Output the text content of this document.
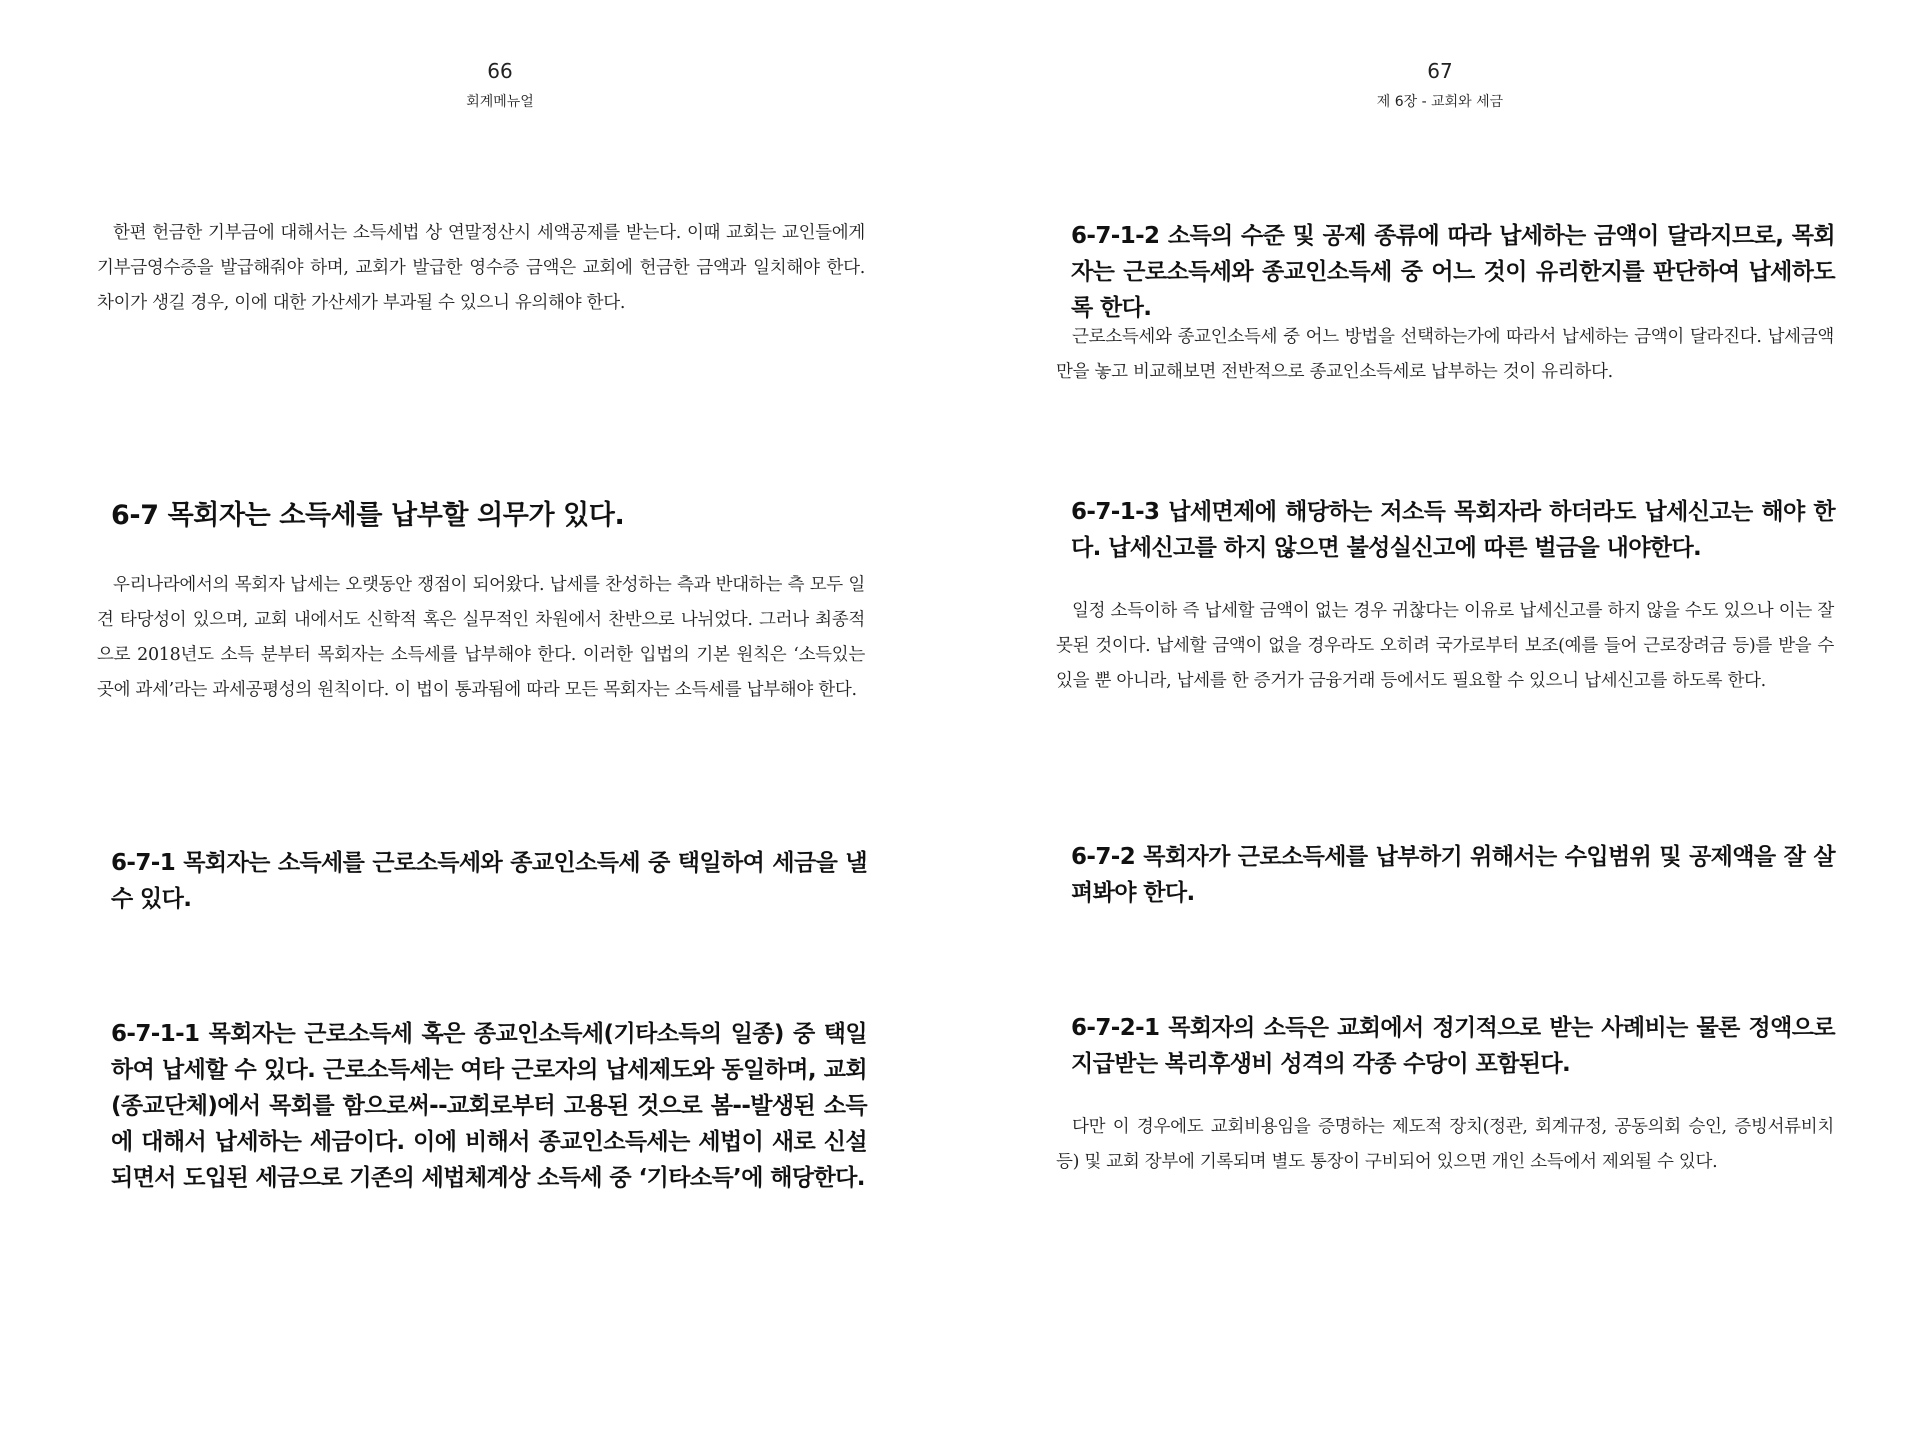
66
회계메뉴얼

한편 헌금한 기부금에 대해서는 소득세법 상 연말정산시 세액공제를 받는다. 이때 교회는 교인들에게 기부금영수증을 발급해줘야 하며, 교회가 발급한 영수증 금액은 교회에 헌금한 금액과 일치해야 한다. 차이가 생길 경우, 이에 대한 가산세가 부과될 수 있으니 유의해야 한다.

6-7 목회자는 소득세를 납부할 의무가 있다.

우리나라에서의 목회자 납세는 오랫동안 쟁점이 되어왔다. 납세를 찬성하는 측과 반대하는 측 모두 일견 타당성이 있으며, 교회 내에서도 신학적 혹은 실무적인 차원에서 찬반으로 나뉘었다. 그러나 최종적으로 2018년도 소득 분부터 목회자는 소득세를 납부해야 한다. 이러한 입법의 기본 원칙은 ‘소득있는 곳에 과세’라는 과세공평성의 원칙이다. 이 법이 통과됨에 따라 모든 목회자는 소득세를 납부해야 한다.

6-7-1 목회자는 소득세를 근로소득세와 종교인소득세 중 택일하여 세금을 낼 수 있다.
6-7-1-1 목회자는 근로소득세 혹은 종교인소득세(기타소득의 일종) 중 택일하여 납세할 수 있다. 근로소득세는 여타 근로자의 납세제도와 동일하며, 교회(종교단체)에서 목회를 함으로써--교회로부터 고용된 것으로 봄--발생된 소득에 대해서 납세하는 세금이다. 이에 비해서 종교인소득세는 세법이 새로 신설되면서 도입된 세금으로 기존의 세법체계상 소득세 중 ‘기타소득’에 해당한다.
67
제 6장 - 교회와 세금
6-7-1-2 소득의 수준 및 공제 종류에 따라 납세하는 금액이 달라지므로, 목회자는 근로소득세와 종교인소득세 중 어느 것이 유리한지를 판단하여 납세하도록 한다.

근로소득세와 종교인소득세 중 어느 방법을 선택하는가에 따라서 납세하는 금액이 달라진다. 납세금액만을 놓고 비교해보면 전반적으로 종교인소득세로 납부하는 것이 유리하다.

6-7-1-3 납세면제에 해당하는 저소득 목회자라 하더라도 납세신고는 해야 한다. 납세신고를 하지 않으면 불성실신고에 따른 벌금을 내야한다.

일정 소득이하 즉 납세할 금액이 없는 경우 귀찮다는 이유로 납세신고를 하지 않을 수도 있으나 이는 잘못된 것이다. 납세할 금액이 없을 경우라도 오히려 국가로부터 보조(예를 들어 근로장려금 등)를 받을 수 있을 뿐 아니라, 납세를 한 증거가 금융거래 등에서도 필요할 수 있으니 납세신고를 하도록 한다.

6-7-2 목회자가 근로소득세를 납부하기 위해서는 수입범위 및 공제액을 잘 살펴봐야 한다.
6-7-2-1 목회자의 소득은 교회에서 정기적으로 받는 사례비는 물론 정액으로 지급받는 복리후생비 성격의 각종 수당이 포함된다.

다만 이 경우에도 교회비용임을 증명하는 제도적 장치(정관, 회계규정, 공동의회 승인, 증빙서류비치 등) 및 교회 장부에 기록되며 별도 통장이 구비되어 있으면 개인 소득에서 제외될 수 있다.
